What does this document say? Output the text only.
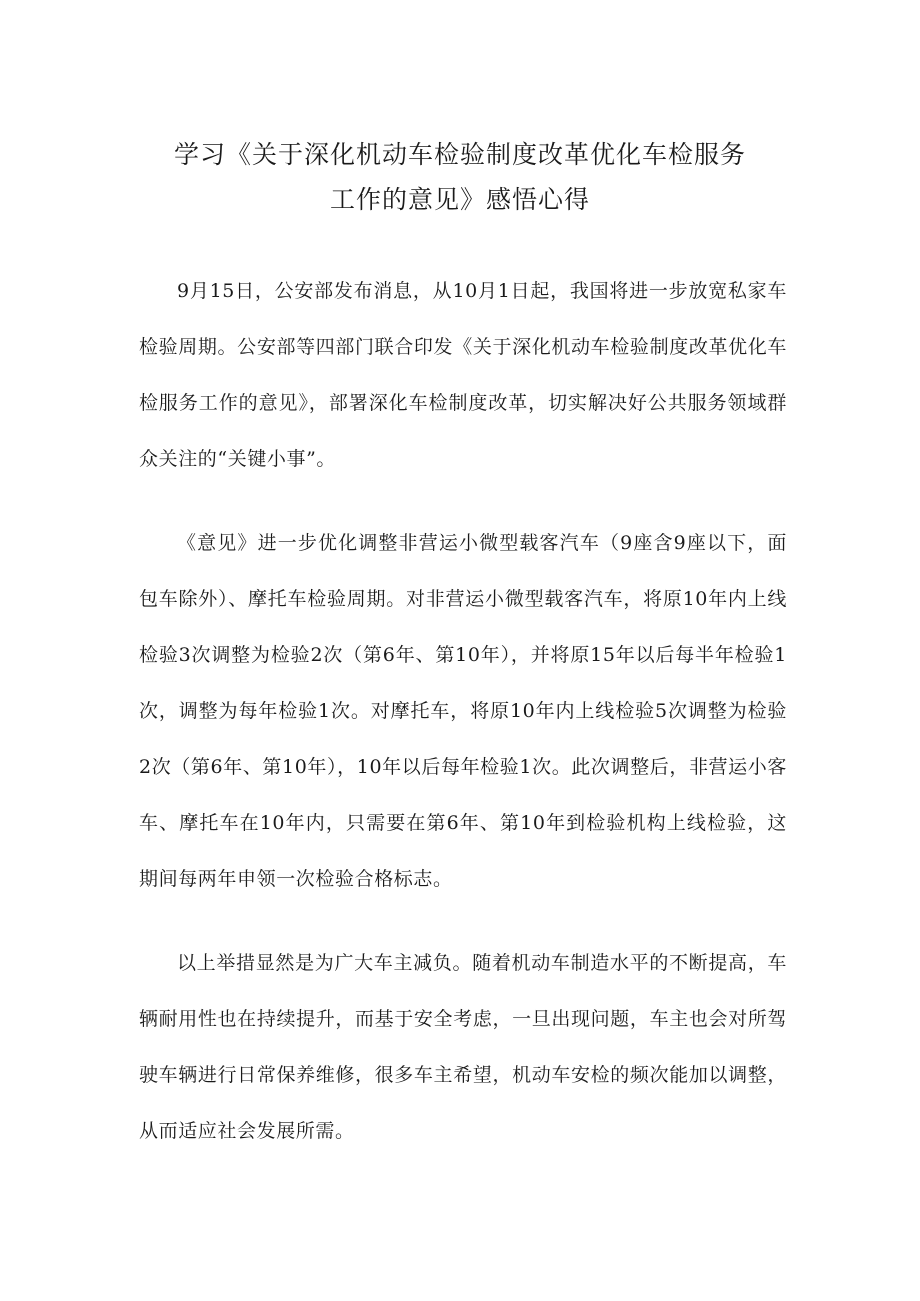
学习《关于深化机动车检验制度改革优化车检服务
工作的意见》感悟心得

9月15日，公安部发布消息，从10月1日起，我国将进一步放宽私家车检验周期。公安部等四部门联合印发《关于深化机动车检验制度改革优化车检服务工作的意见》，部署深化车检制度改革，切实解决好公共服务领域群众关注的“关键小事”。

《意见》进一步优化调整非营运小微型载客汽车（9座含9座以下，面包车除外）、摩托车检验周期。对非营运小微型载客汽车，将原10年内上线检验3次调整为检验2次（第6年、第10年），并将原15年以后每半年检验1次，调整为每年检验1次。对摩托车，将原10年内上线检验5次调整为检验2次（第6年、第10年），10年以后每年检验1次。此次调整后，非营运小客车、摩托车在10年内，只需要在第6年、第10年到检验机构上线检验，这期间每两年申领一次检验合格标志。

以上举措显然是为广大车主减负。随着机动车制造水平的不断提高，车辆耐用性也在持续提升，而基于安全考虑，一旦出现问题，车主也会对所驾驶车辆进行日常保养维修，很多车主希望，机动车安检的频次能加以调整，从而适应社会发展所需。
